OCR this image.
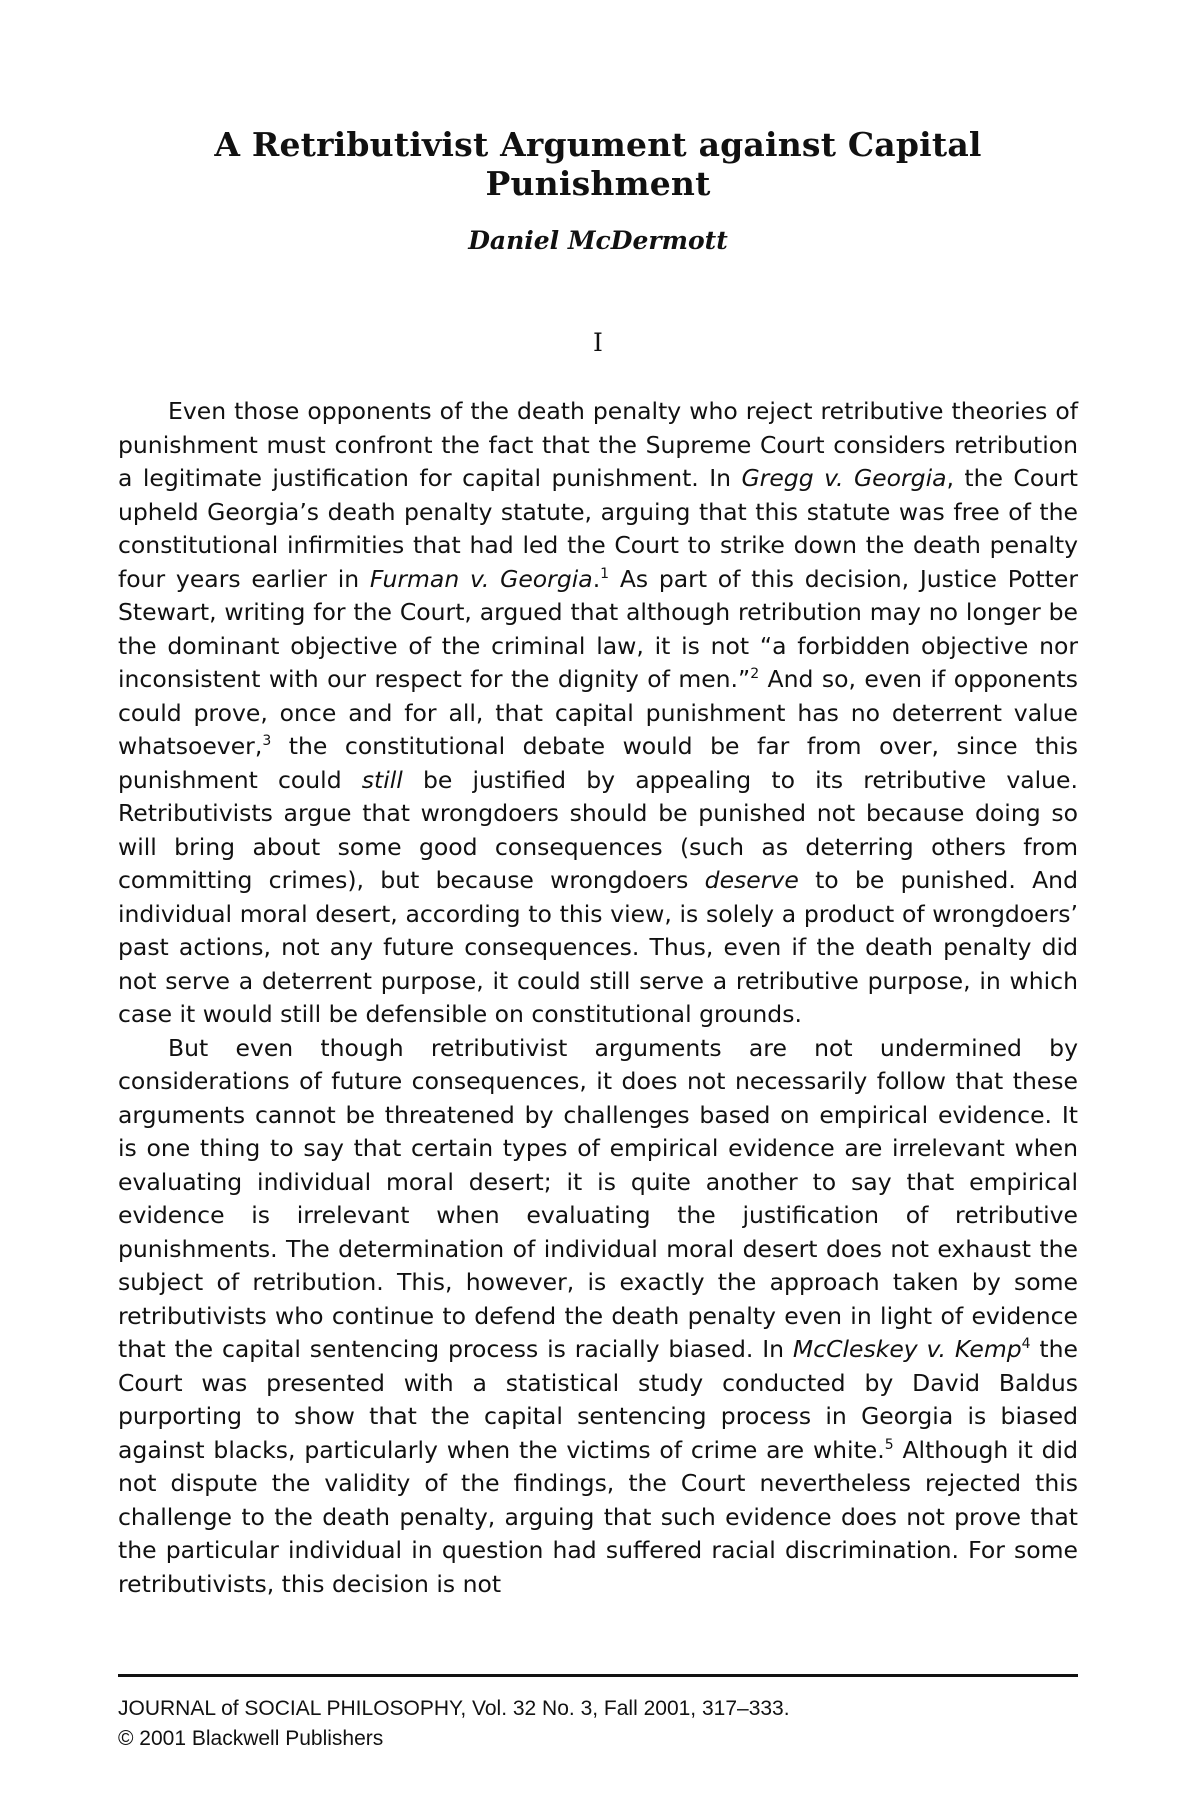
A Retributivist Argument against Capital Punishment
Daniel McDermott
I

Even those opponents of the death penalty who reject retributive theories of punishment must confront the fact that the Supreme Court considers retribution a legitimate justification for capital punishment. In Gregg v. Georgia, the Court upheld Georgia’s death penalty statute, arguing that this statute was free of the constitutional infirmities that had led the Court to strike down the death penalty four years earlier in Furman v. Georgia.$^1$ As part of this decision, Justice Potter Stewart, writing for the Court, argued that although retribution may no longer be the dominant objective of the criminal law, it is not “a forbidden objective nor inconsistent with our respect for the dignity of men.”$^2$ And so, even if opponents could prove, once and for all, that capital punishment has no deterrent value whatsoever,$^3$ the constitutional debate would be far from over, since this punishment could still be justified by appealing to its retributive value. Retributivists argue that wrongdoers should be punished not because doing so will bring about some good consequences (such as deterring others from committing crimes), but because wrongdoers deserve to be punished. And individual moral desert, according to this view, is solely a product of wrongdoers’ past actions, not any future consequences. Thus, even if the death penalty did not serve a deterrent purpose, it could still serve a retributive purpose, in which case it would still be defensible on constitutional grounds.

But even though retributivist arguments are not undermined by considerations of future consequences, it does not necessarily follow that these arguments cannot be threatened by challenges based on empirical evidence. It is one thing to say that certain types of empirical evidence are irrelevant when evaluating individual moral desert; it is quite another to say that empirical evidence is irrelevant when evaluating the justification of retributive punishments. The determination of individual moral desert does not exhaust the subject of retribution. This, however, is exactly the approach taken by some retributivists who continue to defend the death penalty even in light of evidence that the capital sentencing process is racially biased. In McCleskey v. Kemp$^4$ the Court was presented with a statistical study conducted by David Baldus purporting to show that the capital sentencing process in Georgia is biased against blacks, particularly when the victims of crime are white.$^5$ Although it did not dispute the validity of the findings, the Court nevertheless rejected this challenge to the death penalty, arguing that such evidence does not prove that the particular individual in question had suffered racial discrimination. For some retributivists, this decision is not

JOURNAL of SOCIAL PHILOSOPHY, Vol. 32 No. 3, Fall 2001, 317–333.
© 2001 Blackwell Publishers
